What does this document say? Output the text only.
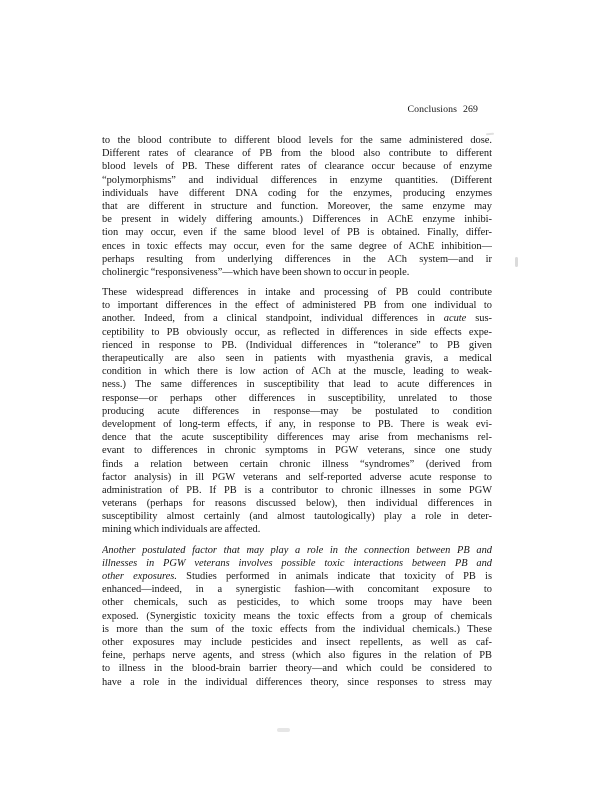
Conclusions 269
to the blood contribute to different blood levels for the same administered dose.
Different rates of clearance of PB from the blood also contribute to different
blood levels of PB. These different rates of clearance occur because of enzyme
“polymorphisms” and individual differences in enzyme quantities. (Different
individuals have different DNA coding for the enzymes, producing enzymes
that are different in structure and function. Moreover, the same enzyme may
be present in widely differing amounts.) Differences in AChE enzyme inhibi-
tion may occur, even if the same blood level of PB is obtained. Finally, differ-
ences in toxic effects may occur, even for the same degree of AChE inhibition—
perhaps resulting from underlying differences in the ACh system—and ir
cholinergic “responsiveness”—which have been shown to occur in people.
These widespread differences in intake and processing of PB could contribute
to important differences in the effect of administered PB from one individual to
another. Indeed, from a clinical standpoint, individual differences in acute sus-
ceptibility to PB obviously occur, as reflected in differences in side effects expe-
rienced in response to PB. (Individual differences in “tolerance” to PB given
therapeutically are also seen in patients with myasthenia gravis, a medical
condition in which there is low action of ACh at the muscle, leading to weak-
ness.) The same differences in susceptibility that lead to acute differences in
response—or perhaps other differences in susceptibility, unrelated to those
producing acute differences in response—may be postulated to condition
development of long-term effects, if any, in response to PB. There is weak evi-
dence that the acute susceptibility differences may arise from mechanisms rel-
evant to differences in chronic symptoms in PGW veterans, since one study
finds a relation between certain chronic illness “syndromes” (derived from
factor analysis) in ill PGW veterans and self-reported adverse acute response to
administration of PB. If PB is a contributor to chronic illnesses in some PGW
veterans (perhaps for reasons discussed below), then individual differences in
susceptibility almost certainly (and almost tautologically) play a role in deter-
mining which individuals are affected.
Another postulated factor that may play a role in the connection between PB and
illnesses in PGW veterans involves possible toxic interactions between PB and
other exposures. Studies performed in animals indicate that toxicity of PB is
enhanced—indeed, in a synergistic fashion—with concomitant exposure to
other chemicals, such as pesticides, to which some troops may have been
exposed. (Synergistic toxicity means the toxic effects from a group of chemicals
is more than the sum of the toxic effects from the individual chemicals.) These
other exposures may include pesticides and insect repellents, as well as caf-
feine, perhaps nerve agents, and stress (which also figures in the relation of PB
to illness in the blood-brain barrier theory—and which could be considered to
have a role in the individual differences theory, since responses to stress may
